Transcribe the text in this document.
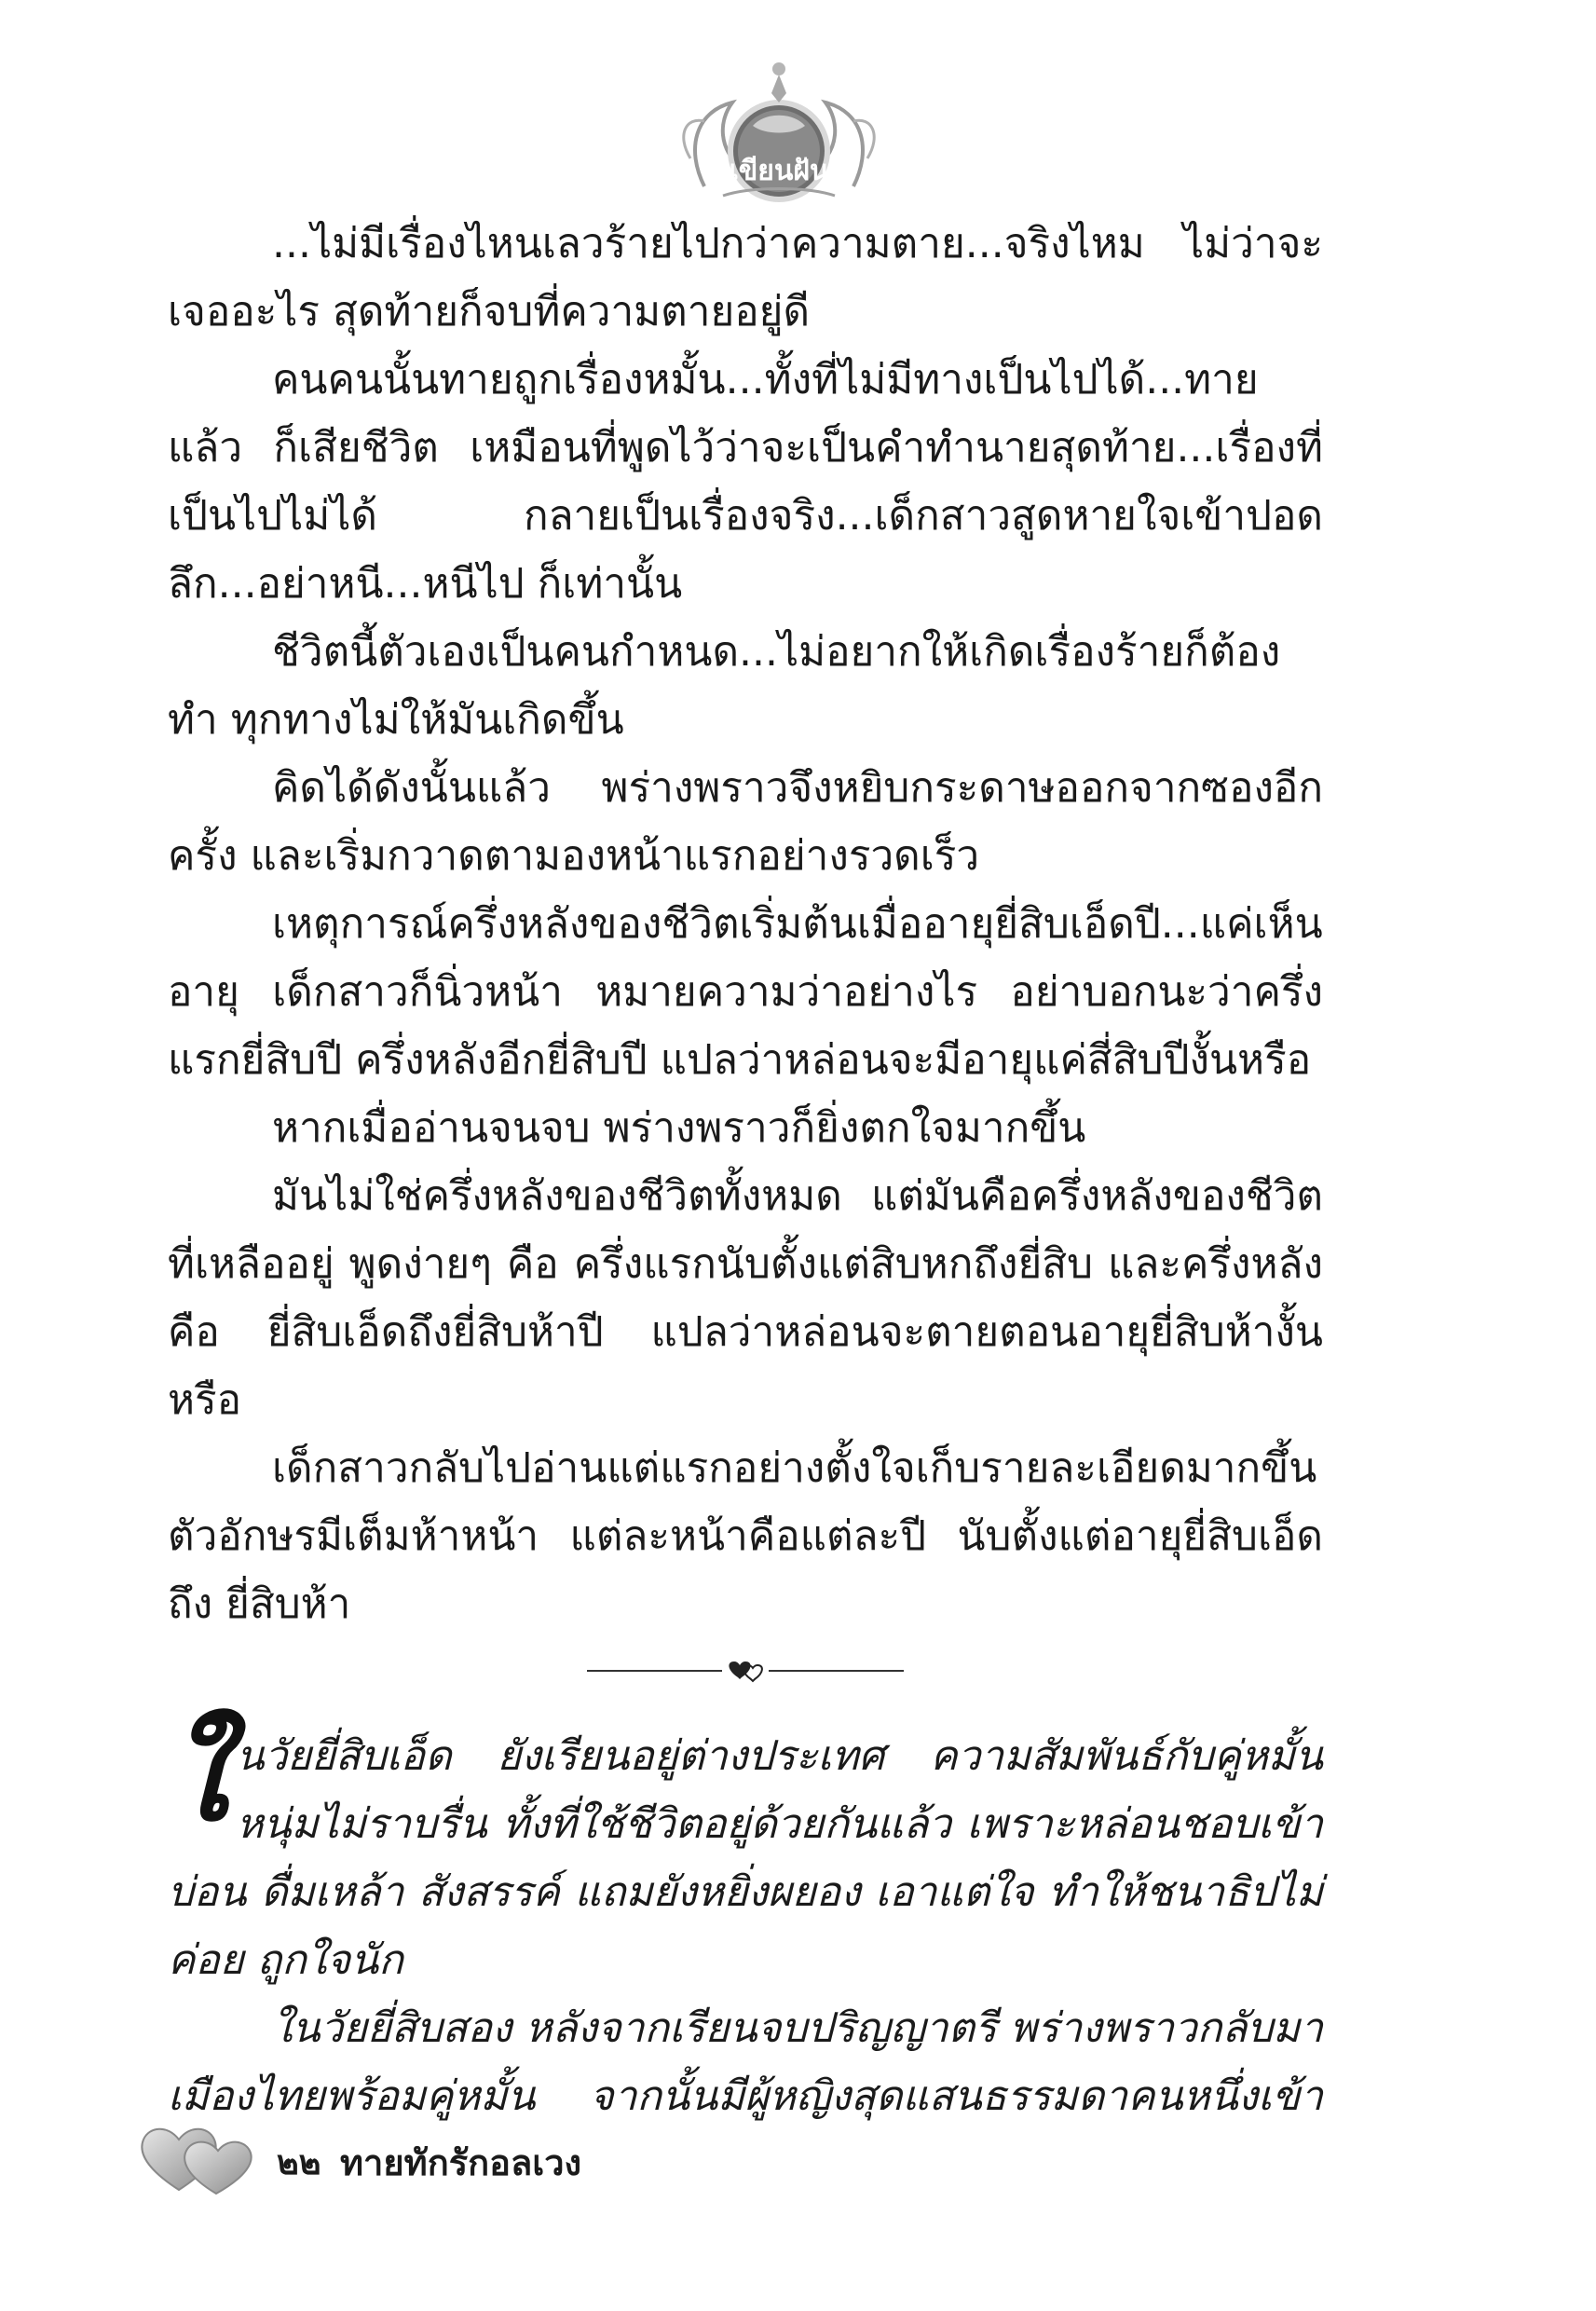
เขียนฝัน

...ไม่มีเรื่องไหนเลวร้ายไปกว่าความตาย...จริงไหม ไม่ว่าจะเจออะไร สุดท้ายก็จบที่ความตายอยู่ดี

คนคนนั้นทายถูกเรื่องหมั้น...ทั้งที่ไม่มีทางเป็นไปได้...ทายแล้ว ก็เสียชีวิต เหมือนที่พูดไว้ว่าจะเป็นคำทำนายสุดท้าย...เรื่องที่เป็นไปไม่ได้ กลายเป็นเรื่องจริง...เด็กสาวสูดหายใจเข้าปอดลึก...อย่าหนี...หนีไป ก็เท่านั้น

ชีวิตนี้ตัวเองเป็นคนกำหนด...ไม่อยากให้เกิดเรื่องร้ายก็ต้องทำ ทุกทางไม่ให้มันเกิดขึ้น

คิดได้ดังนั้นแล้ว พร่างพราวจึงหยิบกระดาษออกจากซองอีกครั้ง และเริ่มกวาดตามองหน้าแรกอย่างรวดเร็ว

เหตุการณ์ครึ่งหลังของชีวิตเริ่มต้นเมื่ออายุยี่สิบเอ็ดปี...แค่เห็นอายุ เด็กสาวก็นิ่วหน้า หมายความว่าอย่างไร อย่าบอกนะว่าครึ่งแรกยี่สิบปี ครึ่งหลังอีกยี่สิบปี แปลว่าหล่อนจะมีอายุแค่สี่สิบปีงั้นหรือ

หากเมื่ออ่านจนจบ พร่างพราวก็ยิ่งตกใจมากขึ้น

มันไม่ใช่ครึ่งหลังของชีวิตทั้งหมด แต่มันคือครึ่งหลังของชีวิต ที่เหลืออยู่ พูดง่ายๆ คือ ครึ่งแรกนับตั้งแต่สิบหกถึงยี่สิบ และครึ่งหลังคือ ยี่สิบเอ็ดถึงยี่สิบห้าปี แปลว่าหล่อนจะตายตอนอายุยี่สิบห้างั้นหรือ

เด็กสาวกลับไปอ่านแต่แรกอย่างตั้งใจเก็บรายละเอียดมากขึ้น ตัวอักษรมีเต็มห้าหน้า แต่ละหน้าคือแต่ละปี นับตั้งแต่อายุยี่สิบเอ็ดถึง ยี่สิบห้า

ในวัยยี่สิบเอ็ด ยังเรียนอยู่ต่างประเทศ ความสัมพันธ์กับคู่หมั้น หนุ่มไม่ราบรื่น ทั้งที่ใช้ชีวิตอยู่ด้วยกันแล้ว เพราะหล่อนชอบเข้าบ่อน ดื่มเหล้า สังสรรค์ แถมยังหยิ่งผยอง เอาแต่ใจ ทำให้ชนาธิปไม่ค่อย ถูกใจนัก

ในวัยยี่สิบสอง หลังจากเรียนจบปริญญาตรี พร่างพราวกลับมา เมืองไทยพร้อมคู่หมั้น จากนั้นมีผู้หญิงสุดแสนธรรมดาคนหนึ่งเข้า

๒๒ ทายทักรักอลเวง
